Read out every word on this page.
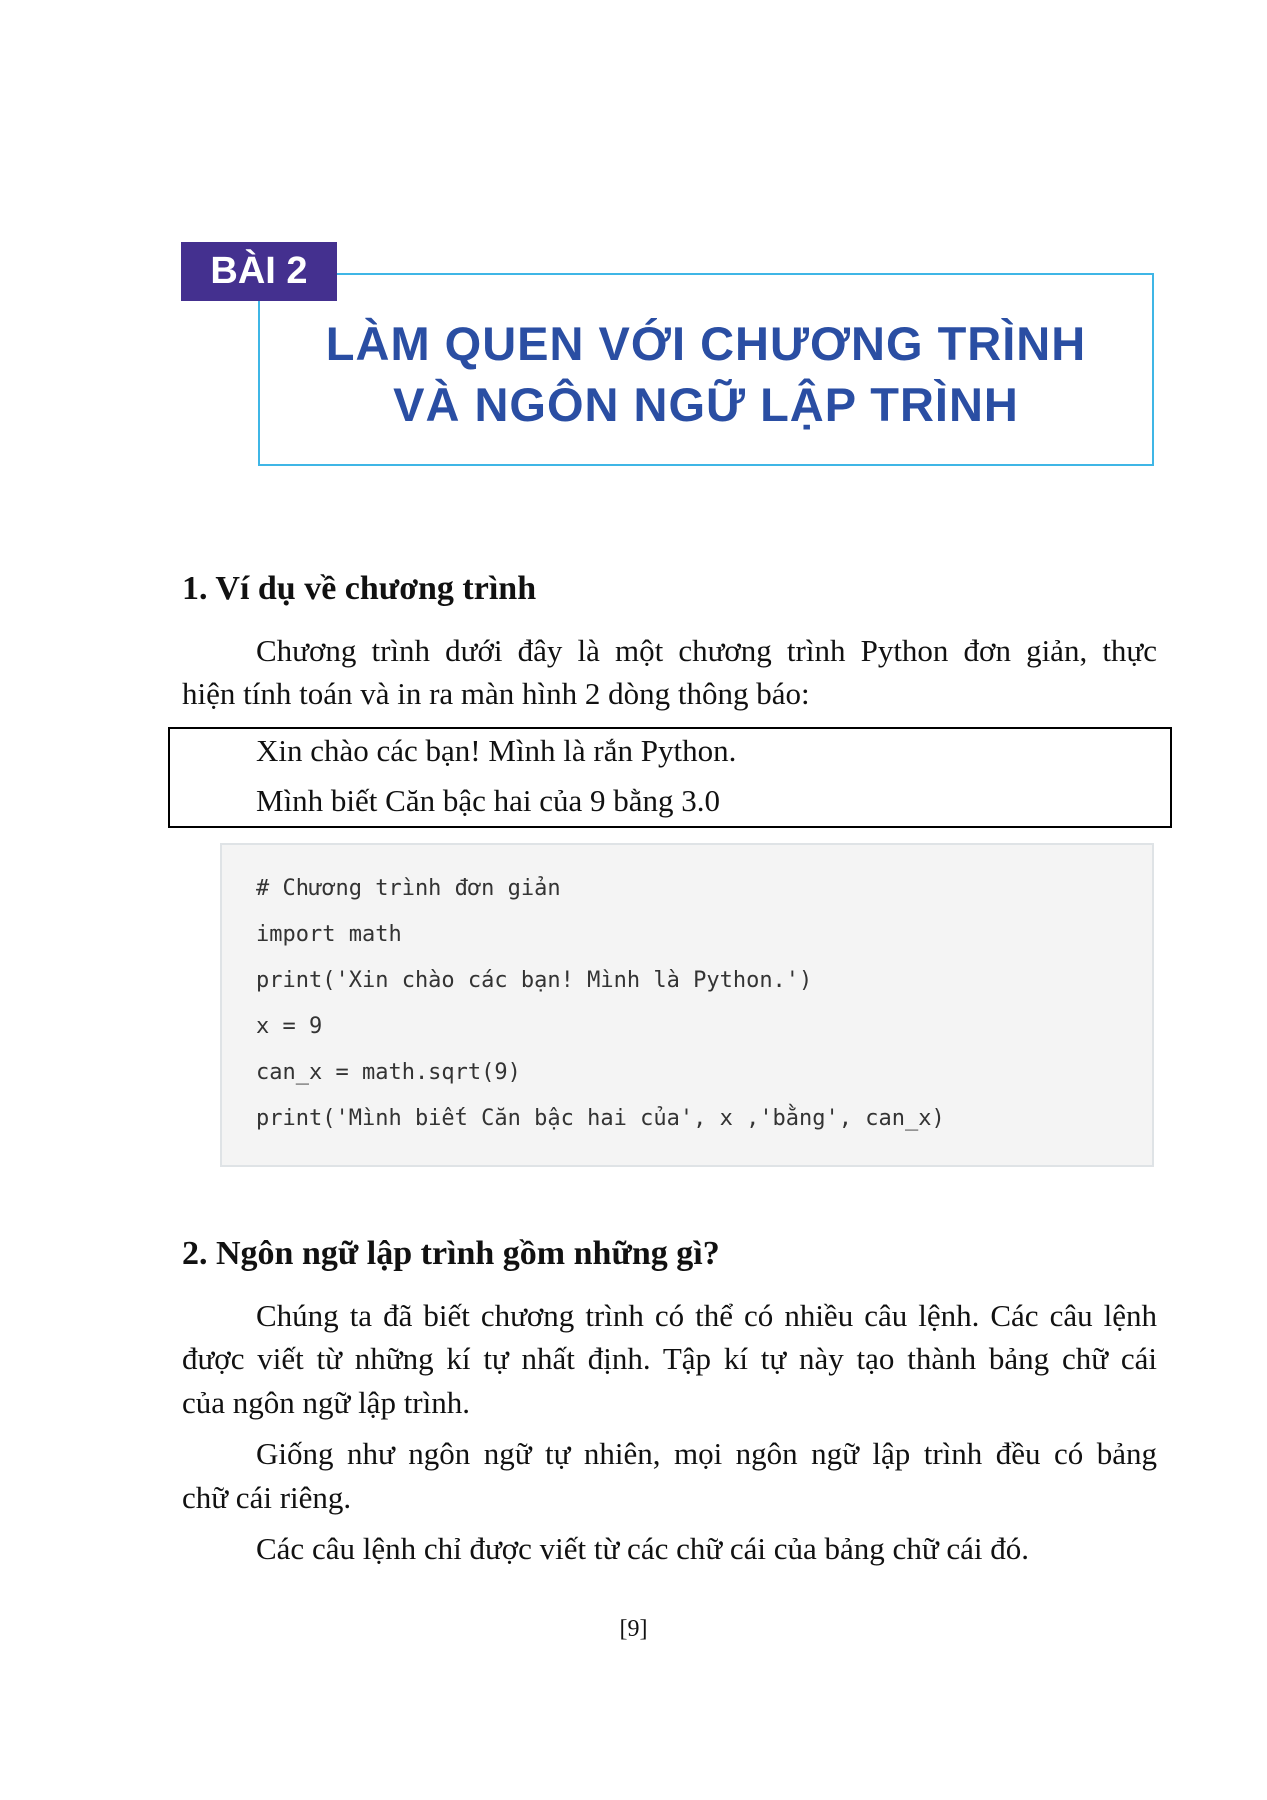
BÀI 2
LÀM QUEN VỚI CHƯƠNG TRÌNH
VÀ NGÔN NGỮ LẬP TRÌNH
1. Ví dụ về chương trình
Chương trình dưới đây là một chương trình Python đơn giản, thực
hiện tính toán và in ra màn hình 2 dòng thông báo:
Xin chào các bạn! Mình là rắn Python.
Mình biết Căn bậc hai của 9 bằng 3.0
# Chương trình đơn giản
import math
print('Xin chào các bạn! Mình là Python.')
x = 9
can_x = math.sqrt(9)
print('Mình biết Căn bậc hai của', x ,'bằng', can_x)
2. Ngôn ngữ lập trình gồm những gì?
Chúng ta đã biết chương trình có thể có nhiều câu lệnh. Các câu lệnh
được viết từ những kí tự nhất định. Tập kí tự này tạo thành bảng chữ cái
của ngôn ngữ lập trình.
Giống như ngôn ngữ tự nhiên, mọi ngôn ngữ lập trình đều có bảng
chữ cái riêng.
Các câu lệnh chỉ được viết từ các chữ cái của bảng chữ cái đó.
[9]
